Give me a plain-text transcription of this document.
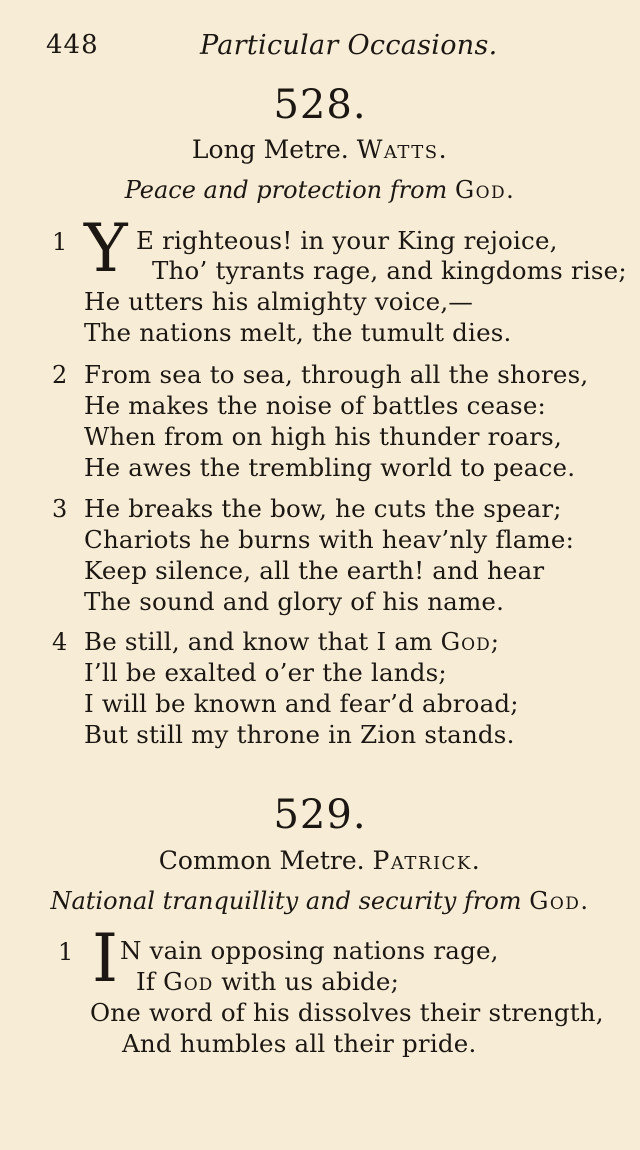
448	Particular Occasions.
528.
Long Metre. Watts.
Peace and protection from God.
1 Y E righteous! in your King rejoice,
Tho’ tyrants rage, and kingdoms rise;
He utters his almighty voice,—
The nations melt, the tumult dies.
2 From sea to sea, through all the shores,
He makes the noise of battles cease:
When from on high his thunder roars,
He awes the trembling world to peace.
3 He breaks the bow, he cuts the spear;
Chariots he burns with heav’nly flame:
Keep silence, all the earth! and hear
The sound and glory of his name.
4 Be still, and know that I am God;
I’ll be exalted o’er the lands;
I will be known and fear’d abroad;
But still my throne in Zion stands.
529.
Common Metre. Patrick.
National tranquillity and security from God.
1 I N vain opposing nations rage,
If God with us abide;
One word of his dissolves their strength,
And humbles all their pride.
